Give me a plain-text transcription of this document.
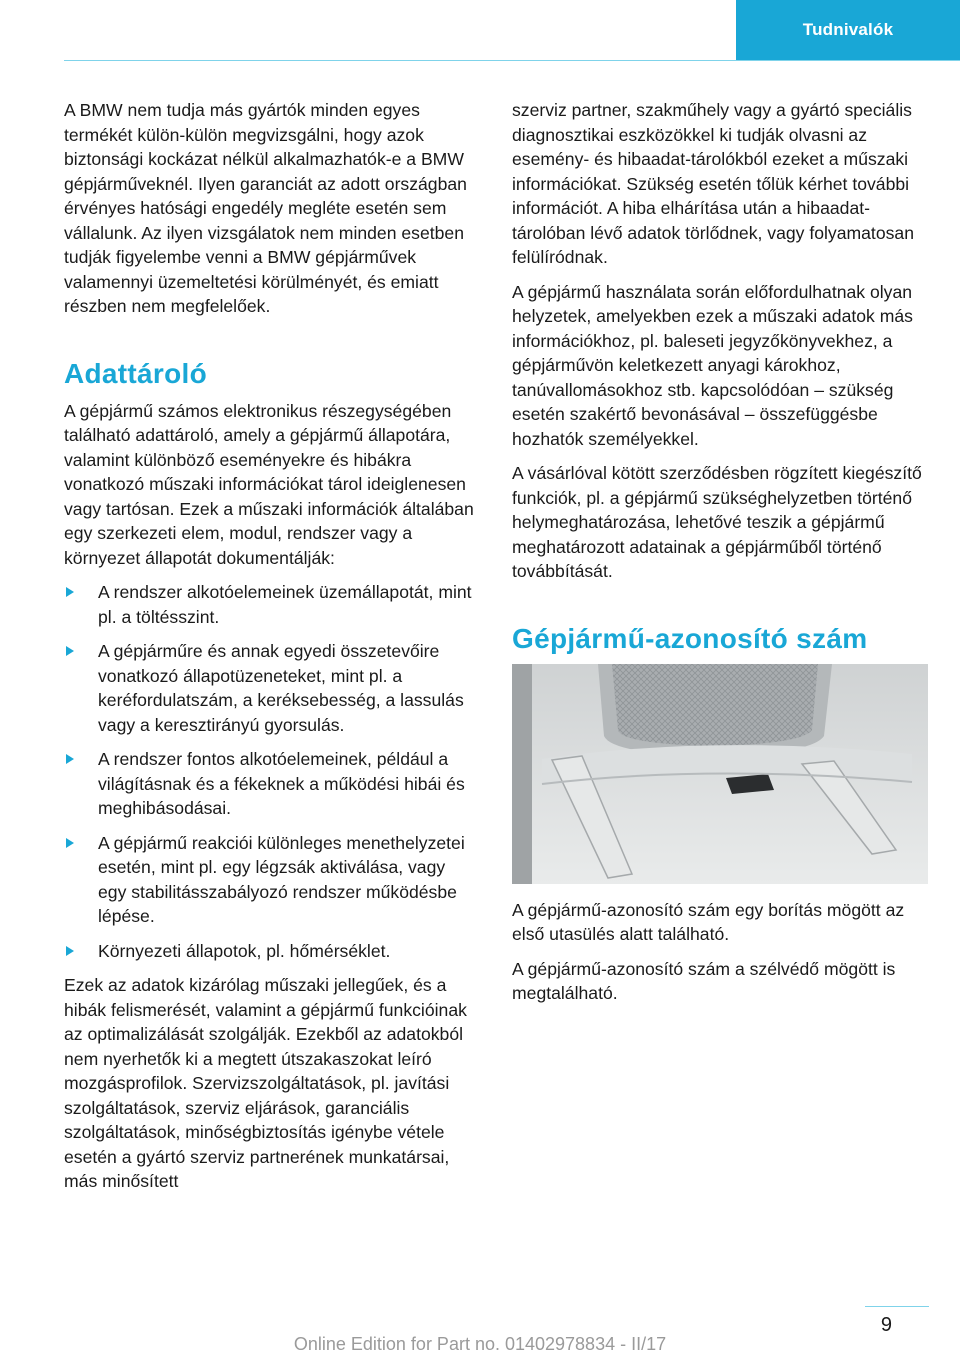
Tudnivalók

A BMW nem tudja más gyártók minden egyes termékét külön-külön megvizsgálni, hogy azok biztonsági kockázat nélkül alkalmazhatók-e a BMW gépjárműveknél. Ilyen garanciát az adott országban érvényes hatósági engedély megléte esetén sem vállalunk. Az ilyen vizsgálatok nem minden esetben tudják figyelembe venni a BMW gépjárművek valamennyi üzemeltetési körülményét, és emiatt részben nem megfelelőek.

Adattároló

A gépjármű számos elektronikus részegységében található adattároló, amely a gépjármű állapotára, valamint különböző eseményekre és hibákra vonatkozó műszaki információkat tárol ideiglenesen vagy tartósan. Ezek a műszaki információk általában egy szerkezeti elem, modul, rendszer vagy a környezet állapotát dokumentálják:

A rendszer alkotóelemeinek üzemállapotát, mint pl. a töltésszint.
A gépjárműre és annak egyedi összetevőire vonatkozó állapotüzeneteket, mint pl. a keréfordulatszám, a keréksebesség, a lassulás vagy a keresztirányú gyorsulás.
A rendszer fontos alkotóelemeinek, például a világításnak és a fékeknek a működési hibái és meghibásodásai.
A gépjármű reakciói különleges menethelyzetei esetén, mint pl. egy légzsák aktiválása, vagy egy stabilitásszabályozó rendszer működésbe lépése.
Környezeti állapotok, pl. hőmérséklet.

Ezek az adatok kizárólag műszaki jellegűek, és a hibák felismerését, valamint a gépjármű funkcióinak az optimalizálását szolgálják. Ezekből az adatokból nem nyerhetők ki a megtett útszakaszokat leíró mozgásprofilok. Szervizszolgáltatások, pl. javítási szolgáltatások, szerviz eljárások, garanciális szolgáltatások, minőségbiztosítás igénybe vétele esetén a gyártó szerviz partnerének munkatársai, más minősített

szerviz partner, szakműhely vagy a gyártó speciális diagnosztikai eszközökkel ki tudják olvasni az esemény- és hibaadat-tárolókból ezeket a műszaki információkat. Szükség esetén tőlük kérhet további információt. A hiba elhárítása után a hibaadat-tárolóban lévő adatok törlődnek, vagy folyamatosan felülíródnak.

A gépjármű használata során előfordulhatnak olyan helyzetek, amelyekben ezek a műszaki adatok más információkhoz, pl. baleseti jegyzőkönyvekhez, a gépjárművön keletkezett anyagi károkhoz, tanúvallomásokhoz stb. kapcsolódóan – szükség esetén szakértő bevonásával – összefüggésbe hozhatók személyekkel.

A vásárlóval kötött szerződésben rögzített kiegészítő funkciók, pl. a gépjármű szükséghelyzetben történő helymeghatározása, lehetővé teszik a gépjármű meghatározott adatainak a gépjárműből történő továbbítását.

Gépjármű-azonosító szám

A gépjármű-azonosító szám egy borítás mögött az első utasülés alatt található.

A gépjármű-azonosító szám a szélvédő mögött is megtalálható.

9
Online Edition for Part no. 01402978834 - II/17
